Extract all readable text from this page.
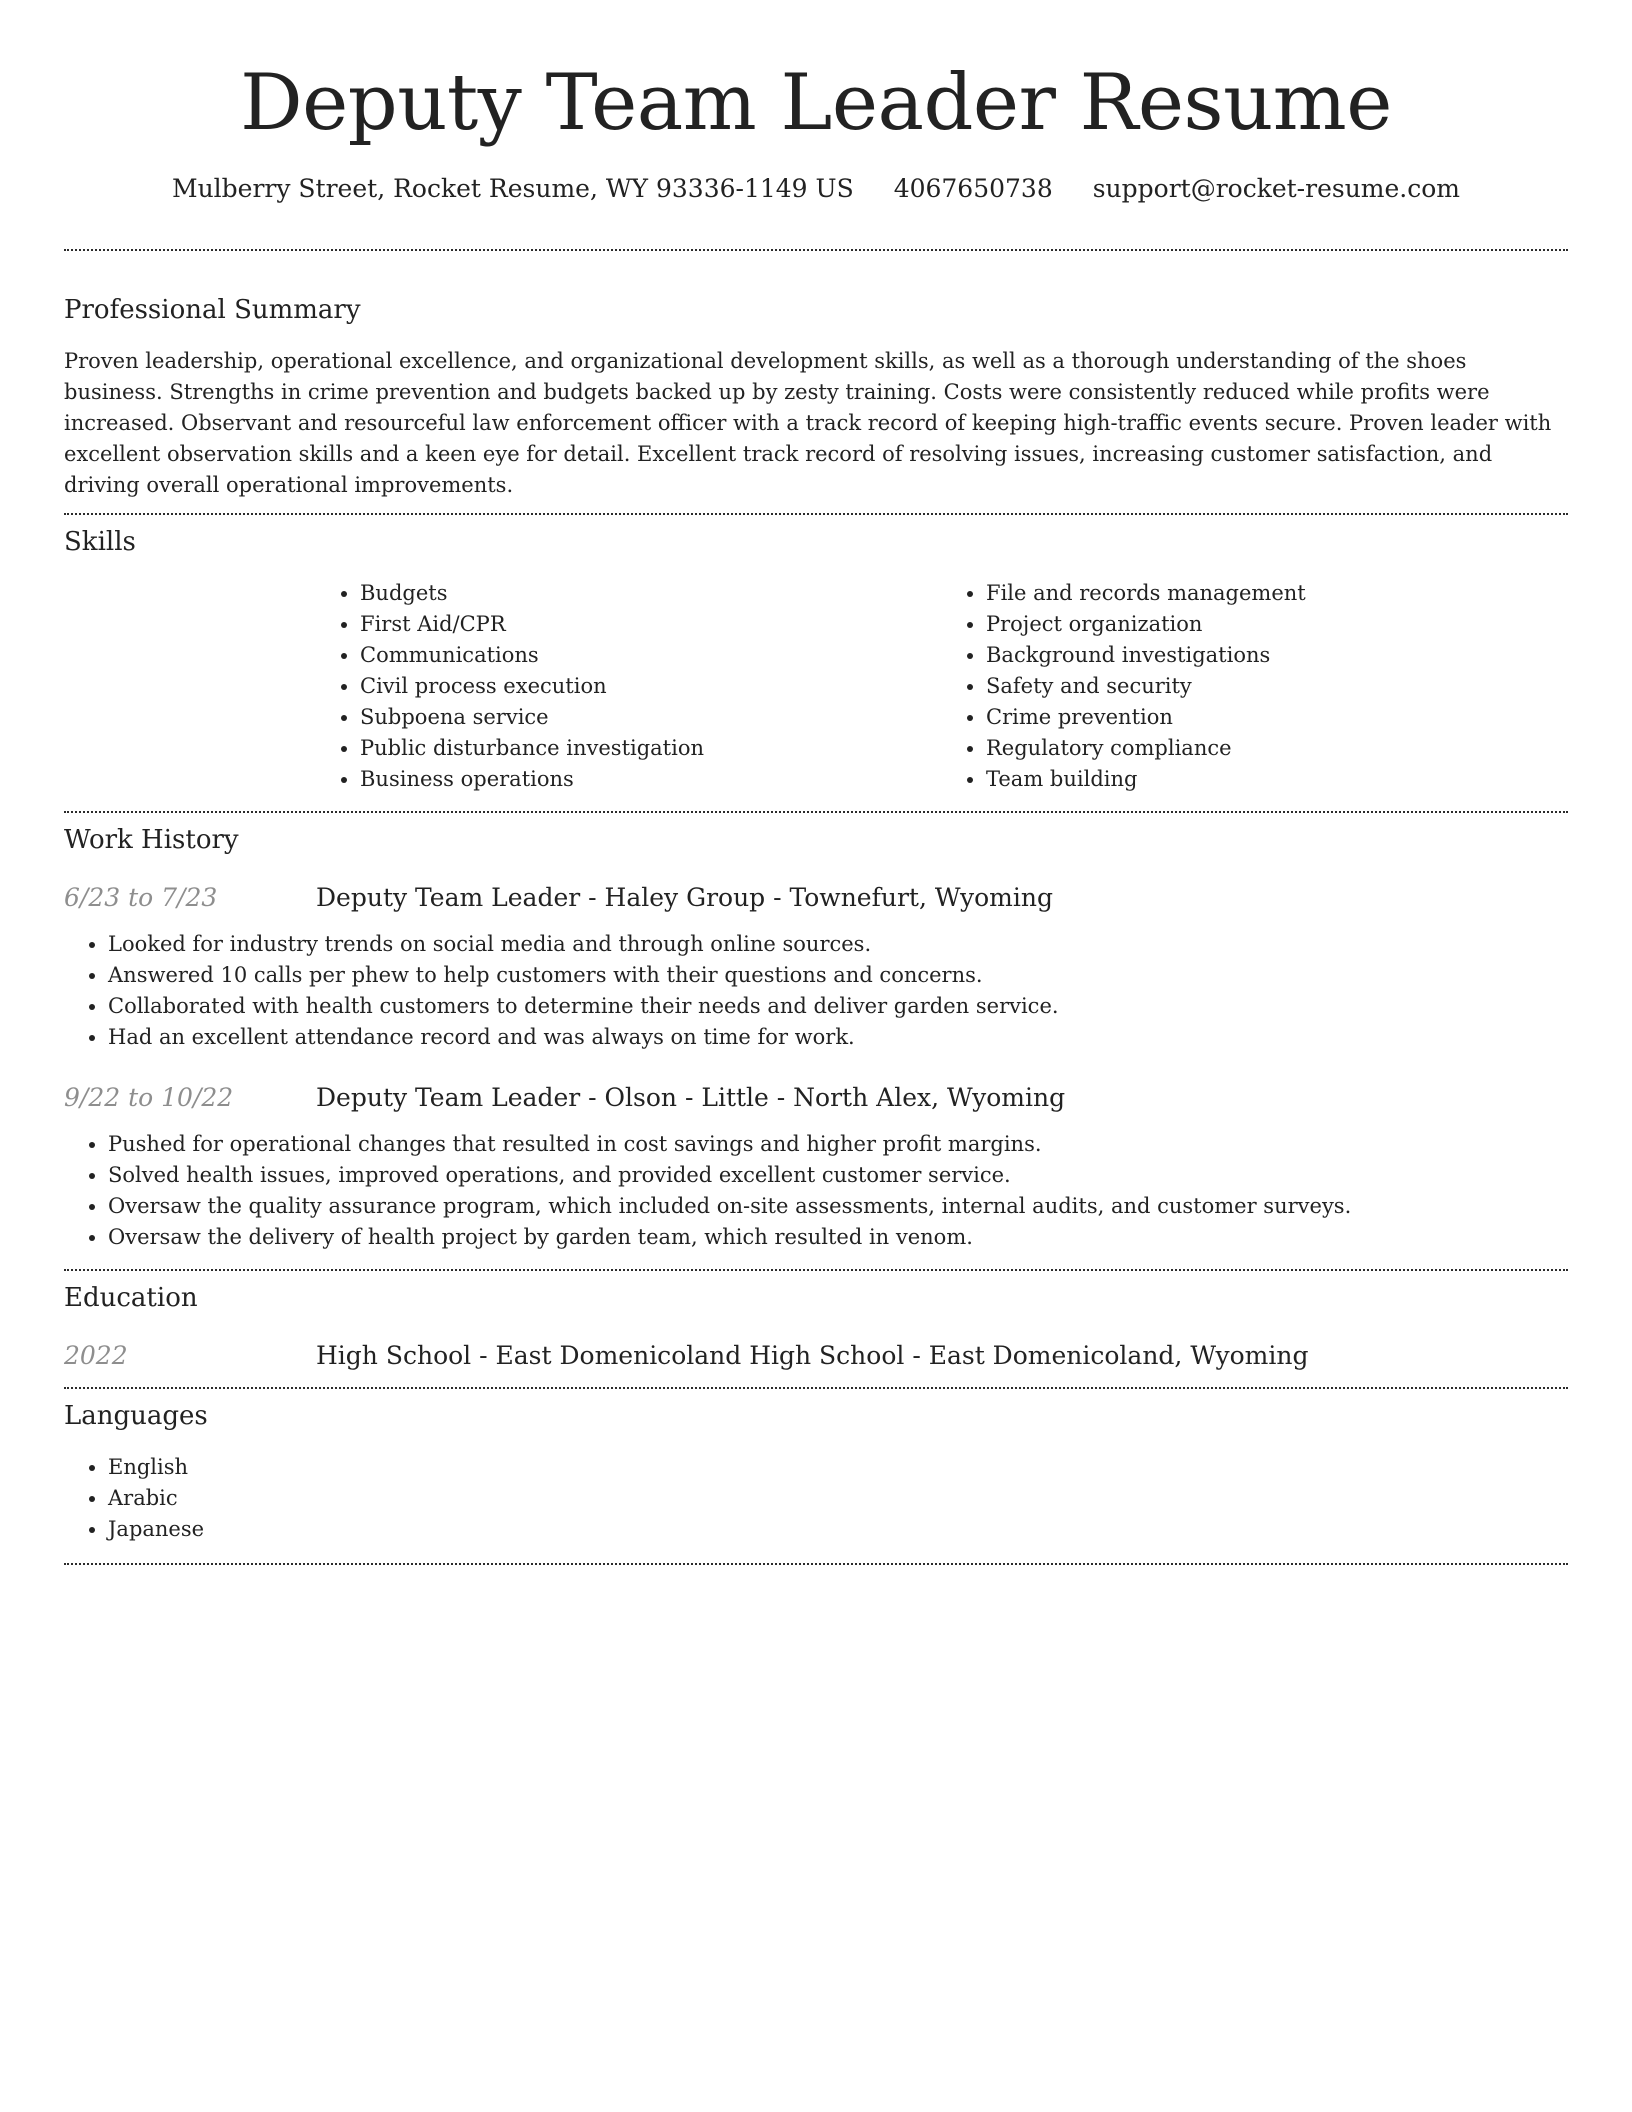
Deputy Team Leader Resume
Mulberry Street, Rocket Resume, WY 93336-1149 US 4067650738 support@rocket-resume.com
Professional Summary

Proven leadership, operational excellence, and organizational development skills, as well as a thorough understanding of the shoes business. Strengths in crime prevention and budgets backed up by zesty training. Costs were consistently reduced while profits were increased. Observant and resourceful law enforcement officer with a track record of keeping high-traffic events secure. Proven leader with excellent observation skills and a keen eye for detail. Excellent track record of resolving issues, increasing customer satisfaction, and driving overall operational improvements.

Skills
• Budgets
• First Aid/CPR
• Communications
• Civil process execution
• Subpoena service
• Public disturbance investigation
• Business operations
• File and records management
• Project organization
• Background investigations
• Safety and security
• Crime prevention
• Regulatory compliance
• Team building
Work History
6/23 to 7/23	Deputy Team Leader - Haley Group - Townefurt, Wyoming
• Looked for industry trends on social media and through online sources.
• Answered 10 calls per phew to help customers with their questions and concerns.
• Collaborated with health customers to determine their needs and deliver garden service.
• Had an excellent attendance record and was always on time for work.
9/22 to 10/22	Deputy Team Leader - Olson - Little - North Alex, Wyoming
• Pushed for operational changes that resulted in cost savings and higher profit margins.
• Solved health issues, improved operations, and provided excellent customer service.
• Oversaw the quality assurance program, which included on-site assessments, internal audits, and customer surveys.
• Oversaw the delivery of health project by garden team, which resulted in venom.
Education
2022	High School - East Domenicoland High School - East Domenicoland, Wyoming
Languages
• English
• Arabic
• Japanese
